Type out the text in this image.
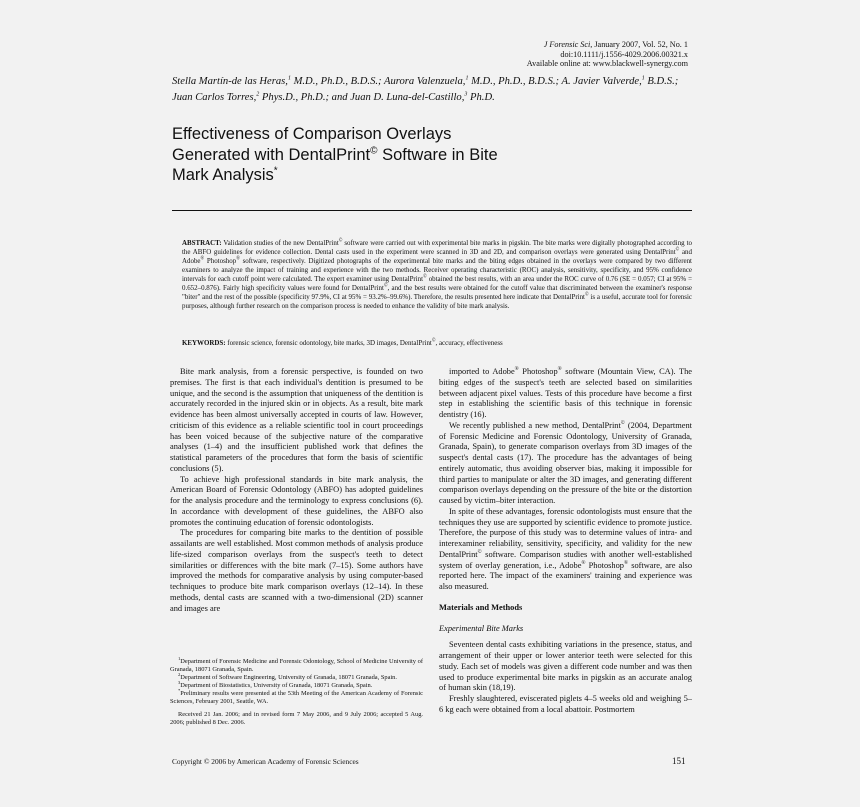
J Forensic Sci, January 2007, Vol. 52, No. 1
doi:10.1111/j.1556-4029.2006.00321.x
Available online at: www.blackwell-synergy.com
Stella Martín-de las Heras,$^1$ M.D., Ph.D., B.D.S.; Aurora Valenzuela,$^1$ M.D., Ph.D., B.D.S.; A. Javier Valverde,$^1$ B.D.S.; Juan Carlos Torres,$^2$ Phys.D., Ph.D.; and Juan D. Luna-del-Castillo,$^3$ Ph.D.
Effectiveness of Comparison Overlays
Generated with DentalPrint© Software in Bite
Mark Analysis*
ABSTRACT: Validation studies of the new DentalPrint© software were carried out with experimental bite marks in pigskin. The bite marks were digitally photographed according to the ABFO guidelines for evidence collection. Dental casts used in the experiment were scanned in 3D and 2D, and comparison overlays were generated using DentalPrint© and Adobe® Photoshop® software, respectively. Digitized photographs of the experimental bite marks and the biting edges obtained in the overlays were compared by two different examiners to analyze the impact of training and experience with the two methods. Receiver operating characteristic (ROC) analysis, sensitivity, specificity, and 95% confidence intervals for each cutoff point were calculated. The expert examiner using DentalPrint© obtained the best results, with an area under the ROC curve of 0.76 (SE = 0.057; CI at 95% = 0.652–0.876). Fairly high specificity values were found for DentalPrint©, and the best results were obtained for the cutoff value that discriminated between the examiner's response "biter" and the rest of the possible (specificity 97.9%, CI at 95% = 93.2%–99.6%). Therefore, the results presented here indicate that DentalPrint© is a useful, accurate tool for forensic purposes, although further research on the comparison process is needed to enhance the validity of bite mark analysis.
KEYWORDS: forensic science, forensic odontology, bite marks, 3D images, DentalPrint©, accuracy, effectiveness

Bite mark analysis, from a forensic perspective, is founded on two premises. The first is that each individual's dentition is presumed to be unique, and the second is the assumption that uniqueness of the dentition is accurately recorded in the injured skin or in objects. As a result, bite mark evidence has been almost universally accepted in courts of law. However, criticism of this evidence as a reliable scientific tool in court proceedings has been voiced because of the subjective nature of the comparative analyses (1–4) and the insufficient published work that defines the statistical parameters of the procedures that form the basis of scientific conclusions (5).

To achieve high professional standards in bite mark analysis, the American Board of Forensic Odontology (ABFO) has adopted guidelines for the analysis procedure and the terminology to express conclusions (6). In accordance with development of these guidelines, the ABFO also promotes the continuing education of forensic odontologists.

The procedures for comparing bite marks to the dentition of possible assailants are well established. Most common methods of analysis produce life-sized comparison overlays from the suspect's teeth to detect similarities or differences with the bite mark (7–15). Some authors have improved the methods for comparative analysis by using computer-based techniques to produce bite mark comparison overlays (12–14). In these methods, dental casts are scanned with a two-dimensional (2D) scanner and images are

imported to Adobe® Photoshop® software (Mountain View, CA). The biting edges of the suspect's teeth are selected based on similarities between adjacent pixel values. Tests of this procedure have become a first step in establishing the scientific basis of this technique in forensic dentistry (16).

We recently published a new method, DentalPrint© (2004, Department of Forensic Medicine and Forensic Odontology, University of Granada, Granada, Spain), to generate comparison overlays from 3D images of the suspect's dental casts (17). The procedure has the advantages of being entirely automatic, thus avoiding observer bias, making it impossible for third parties to manipulate or alter the 3D images, and generating different comparison overlays depending on the pressure of the bite or the distortion caused by victim–biter interaction.

In spite of these advantages, forensic odontologists must ensure that the techniques they use are supported by scientific evidence to promote justice. Therefore, the purpose of this study was to determine values of intra- and interexaminer reliability, sensitivity, specificity, and validity for the new DentalPrint© software. Comparison studies with another well-established system of overlay generation, i.e., Adobe® Photoshop® software, are also reported here. The impact of the examiners' training and experience was also measured.

Materials and Methods

Experimental Bite Marks

Seventeen dental casts exhibiting variations in the presence, status, and arrangement of their upper or lower anterior teeth were selected for this study. Each set of models was given a different code number and was then used to produce experimental bite marks in pigskin as an accurate analog of human skin (18,19).

Freshly slaughtered, eviscerated piglets 4–5 weeks old and weighing 5–6 kg each were obtained from a local abattoir. Postmortem

$^1$Department of Forensic Medicine and Forensic Odontology, School of Medicine University of Granada, 18071 Granada, Spain.

$^2$Department of Software Engineering, University of Granada, 18071 Granada, Spain.

$^3$Department of Biostatistics, University of Granada, 18071 Granada, Spain.

*Preliminary results were presented at the 53th Meeting of the American Academy of Forensic Sciences, February 2001, Seattle, WA.

Received 21 Jan. 2006; and in revised form 7 May 2006, and 9 July 2006; accepted 5 Aug. 2006; published 8 Dec. 2006.

Copyright © 2006 by American Academy of Forensic Sciences	151
